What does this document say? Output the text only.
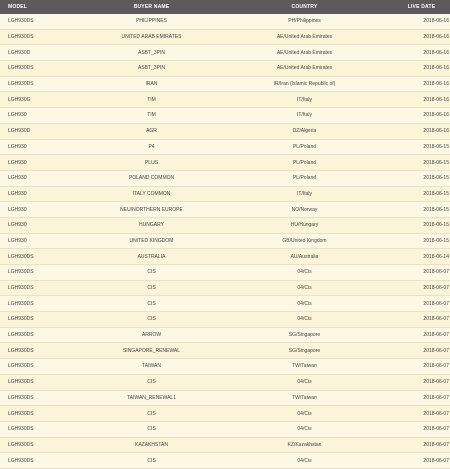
MODEL	BUYER NAME	COUNTRY	LIVE DATE
LGH930DS	PHILIPPINES	PH/Philippines	2018-06-16
LGH930DS	UNITED ARAB EMIRATES	AE/United Arab Emirates	2018-06-16
LGH930D	ASBT_3PIN	AE/United Arab Emirates	2018-06-16
LGH930DS	ASBT_3PIN	AE/United Arab Emirates	2018-06-16
LGH930DS	IRAN	IR/Iran (Islamic Republic of)	2018-06-16
LGH930G	TIM	IT/Italy	2018-06-16
LGH930	TIM	IT/Italy	2018-06-16
LGH930D	AGR	DZ/Algeria	2018-06-16
LGH930	P4	PL/Poland	2018-06-15
LGH930	PLUS	PL/Poland	2018-06-15
LGH930	POLAND COMMON	PL/Poland	2018-06-15
LGH930	ITALY COMMON	IT/Italy	2018-06-15
LGH930	NEU/NORTHERN EUROPE	NO/Norway	2018-06-15
LGH930	HUNGARY	HU/Hungary	2018-06-15
LGH930	UNITED KINGDOM	GB/United Kingdom	2018-06-15
LGH930DS	AUSTRALIA	AU/Australia	2018-06-14
LGH930DS	CIS	04/Cis	2018-06-07
LGH930DS	CIS	04/Cis	2018-06-07
LGH930DS	CIS	04/Cis	2018-06-07
LGH930DS	CIS	04/Cis	2018-06-07
LGH930DS	ARROW	SG/Singapore	2018-06-07
LGH930DS	SINGAPORE_RENEWAL	SG/Singapore	2018-06-07
LGH930DS	TAIWAN	TW/Taiwan	2018-06-07
LGH930DS	CIS	04/Cis	2018-06-07
LGH930DS	TAIWAN_RENEWAL1	TW/Taiwan	2018-06-07
LGH930DS	CIS	04/Cis	2018-06-07
LGH930DS	CIS	04/Cis	2018-06-07
LGH930DS	KAZAKHSTAN	KZ/Kazakhstan	2018-06-07
LGH930DS	CIS	04/Cis	2018-06-07
